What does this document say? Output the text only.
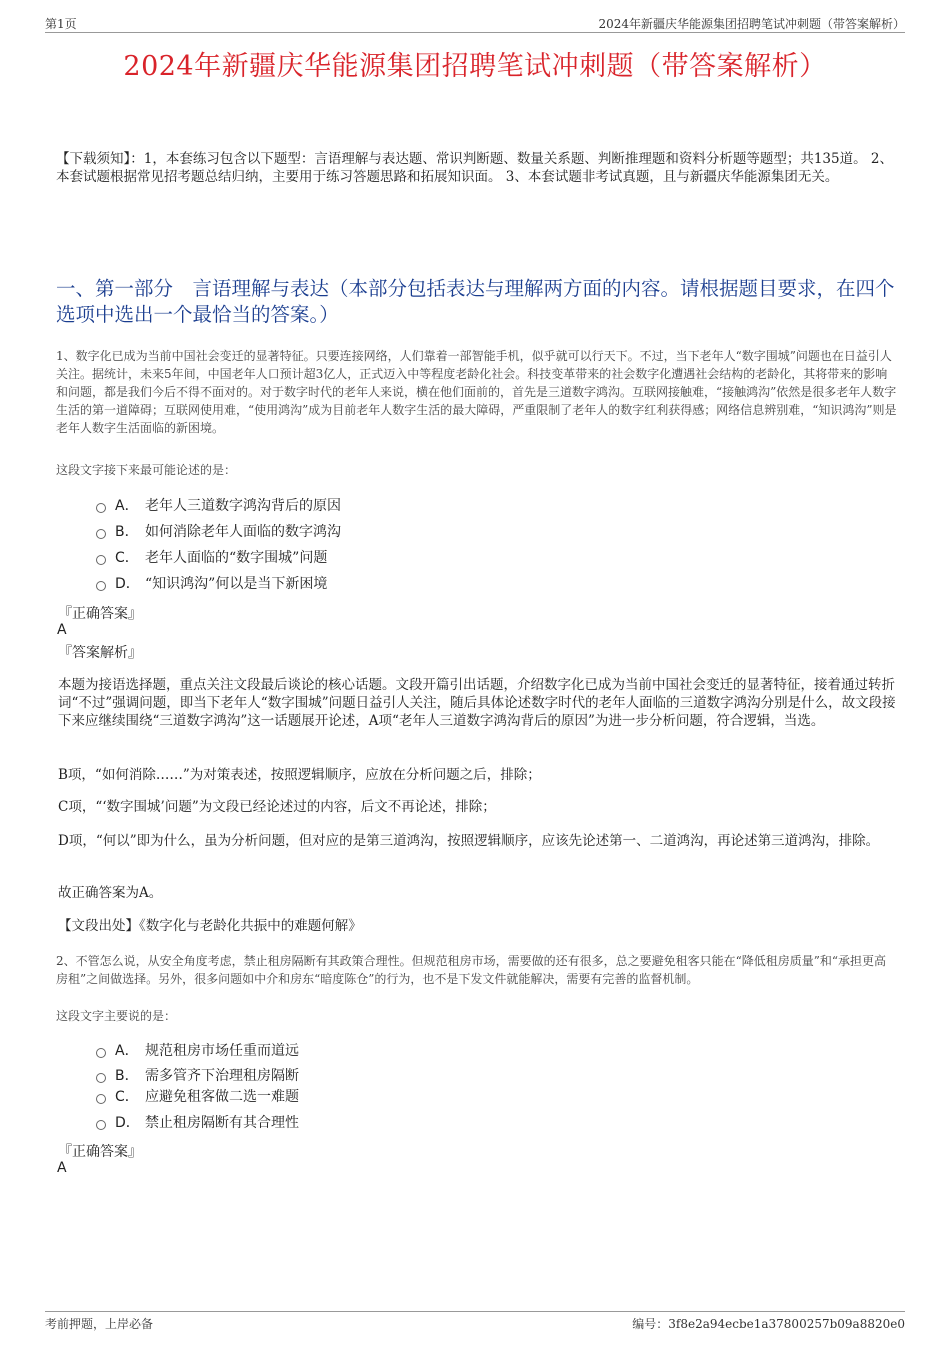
第1页	2024年新疆庆华能源集团招聘笔试冲刺题（带答案解析）
2024年新疆庆华能源集团招聘笔试冲刺题（带答案解析）
【下载须知】：1，本套练习包含以下题型：言语理解与表达题、常识判断题、数量关系题、判断推理题和资料分析题等题型；共135道。 2、本套试题根据常见招考题总结归纳，主要用于练习答题思路和拓展知识面。 3、本套试题非考试真题，且与新疆庆华能源集团无关。
一、第一部分　言语理解与表达（本部分包括表达与理解两方面的内容。请根据题目要求，在四个选项中选出一个最恰当的答案。）
1、数字化已成为当前中国社会变迁的显著特征。只要连接网络，人们靠着一部智能手机，似乎就可以行天下。不过，当下老年人“数字围城”问题也在日益引人关注。据统计，未来5年间，中国老年人口预计超3亿人，正式迈入中等程度老龄化社会。科技变革带来的社会数字化遭遇社会结构的老龄化，其将带来的影响和问题，都是我们今后不得不面对的。对于数字时代的老年人来说，横在他们面前的，首先是三道数字鸿沟。互联网接触难，“接触鸿沟”依然是很多老年人数字生活的第一道障碍；互联网使用难，“使用鸿沟”成为目前老年人数字生活的最大障碍，严重限制了老年人的数字红利获得感；网络信息辨别难，“知识鸿沟”则是老年人数字生活面临的新困境。
这段文字接下来最可能论述的是：
A． 老年人三道数字鸿沟背后的原因
B． 如何消除老年人面临的数字鸿沟
C． 老年人面临的“数字围城”问题
D． “知识鸿沟”何以是当下新困境
『正确答案』
A
『答案解析』
本题为接语选择题，重点关注文段最后谈论的核心话题。文段开篇引出话题，介绍数字化已成为当前中国社会变迁的显著特征，接着通过转折词“不过”强调问题，即当下老年人“数字围城”问题日益引人关注，随后具体论述数字时代的老年人面临的三道数字鸿沟分别是什么，故文段接下来应继续围绕“三道数字鸿沟”这一话题展开论述，A项“老年人三道数字鸿沟背后的原因”为进一步分析问题，符合逻辑，当选。
B项，“如何消除……”为对策表述，按照逻辑顺序，应放在分析问题之后，排除；
C项，“‘数字围城’问题”为文段已经论述过的内容，后文不再论述，排除；
D项，“何以”即为什么，虽为分析问题，但对应的是第三道鸿沟，按照逻辑顺序，应该先论述第一、二道鸿沟，再论述第三道鸿沟，排除。
故正确答案为A。
【文段出处】《数字化与老龄化共振中的难题何解》
2、不管怎么说，从安全角度考虑，禁止租房隔断有其政策合理性。但规范租房市场，需要做的还有很多，总之要避免租客只能在“降低租房质量”和“承担更高房租”之间做选择。另外，很多问题如中介和房东“暗度陈仓”的行为，也不是下发文件就能解决，需要有完善的监督机制。
这段文字主要说的是：
A． 规范租房市场任重而道远
B． 需多管齐下治理租房隔断
C． 应避免租客做二选一难题
D． 禁止租房隔断有其合理性
『正确答案』
A
考前押题，上岸必备	编号：3f8e2a94ecbe1a37800257b09a8820e0
